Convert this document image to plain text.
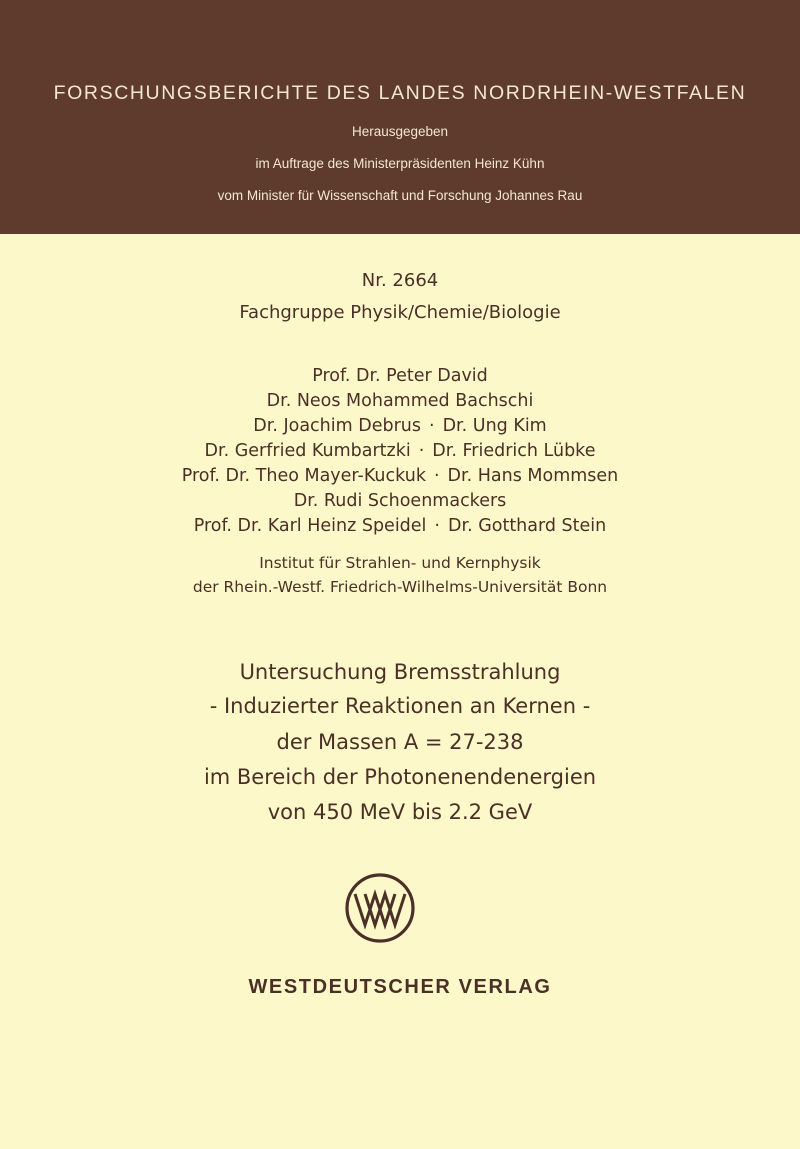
FORSCHUNGSBERICHTE DES LANDES NORDRHEIN-WESTFALEN
Herausgegeben
im Auftrage des Ministerpräsidenten Heinz Kühn
vom Minister für Wissenschaft und Forschung Johannes Rau
Nr. 2664
Fachgruppe Physik/Chemie/Biologie
Prof. Dr. Peter David
Dr. Neos Mohammed Bachschi
Dr. Joachim Debrus · Dr. Ung Kim
Dr. Gerfried Kumbartzki · Dr. Friedrich Lübke
Prof. Dr. Theo Mayer-Kuckuk · Dr. Hans Mommsen
Dr. Rudi Schoenmackers
Prof. Dr. Karl Heinz Speidel · Dr. Gotthard Stein
Institut für Strahlen- und Kernphysik
der Rhein.-Westf. Friedrich-Wilhelms-Universität Bonn
Untersuchung Bremsstrahlung
- Induzierter Reaktionen an Kernen -
der Massen A = 27-238
im Bereich der Photonenendenergien
von 450 MeV bis 2.2 GeV
WESTDEUTSCHER VERLAG
